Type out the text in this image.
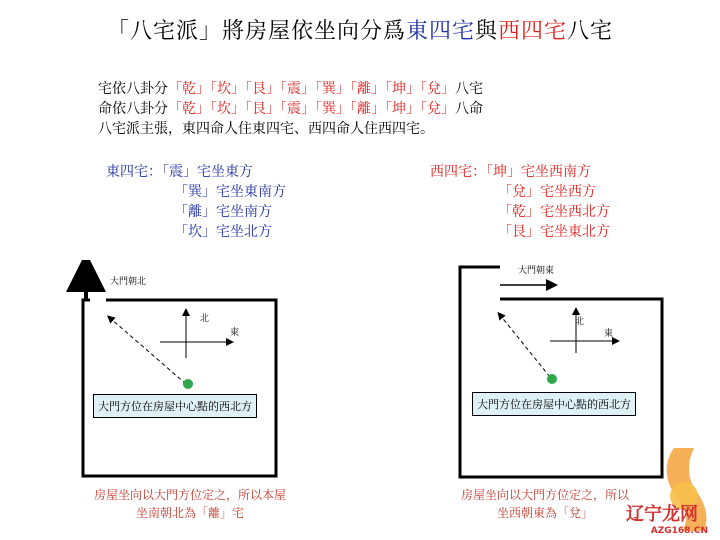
「八宅派」將房屋依坐向分爲東四宅與西四宅八宅
宅依八卦分「乾」「坎」「艮」「震」「巽」「離」「坤」「兌」八宅
命依八卦分「乾」「坎」「艮」「震」「巽」「離」「坤」「兌」八命
八宅派主張，東四命人住東四宅、西四命人住西四宅。
東四宅：「震」宅坐東方
「巽」宅坐東南方
「離」宅坐南方
「坎」宅坐北方
西四宅：「坤」宅坐西南方
「兌」宅坐西方
「乾」宅坐西北方
「艮」宅坐東北方
大門朝北
北
東
大門方位在房屋中心點的西北方
房屋坐向以大門方位定之，所以本屋
坐南朝北為「離」宅
大門朝東
北
東
大門方位在房屋中心點的西北方
房屋坐向以大門方位定之，所以
坐西朝東為「兌」	辽宁龙网
AZG168.CN
